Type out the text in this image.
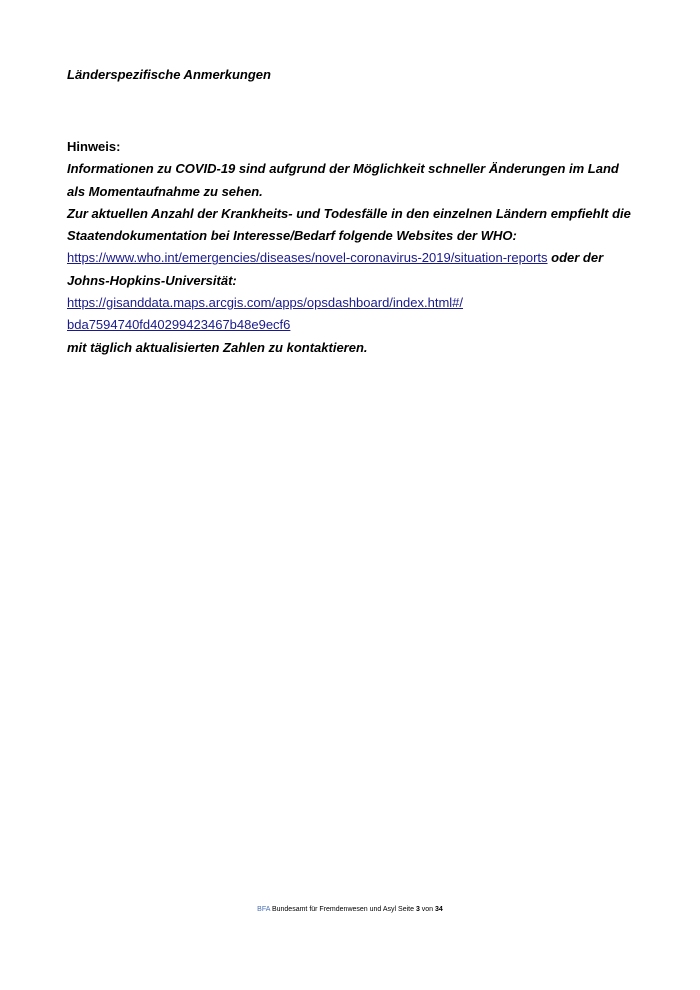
Länderspezifische Anmerkungen
Hinweis:
Informationen zu COVID-19 sind aufgrund der Möglichkeit schneller Änderungen im Land
als Momentaufnahme zu sehen.
Zur aktuellen Anzahl der Krankheits- und Todesfälle in den einzelnen Ländern empfiehlt die
Staatendokumentation bei Interesse/Bedarf folgende Websites der WHO:
https://www.who.int/emergencies/diseases/novel-coronavirus-2019/situation-reports oder der
Johns-Hopkins-Universität:
https://gisanddata.maps.arcgis.com/apps/opsdashboard/index.html#/
bda7594740fd40299423467b48e9ecf6
mit täglich aktualisierten Zahlen zu kontaktieren.
BFA Bundesamt für Fremdenwesen und Asyl Seite 3 von 34
